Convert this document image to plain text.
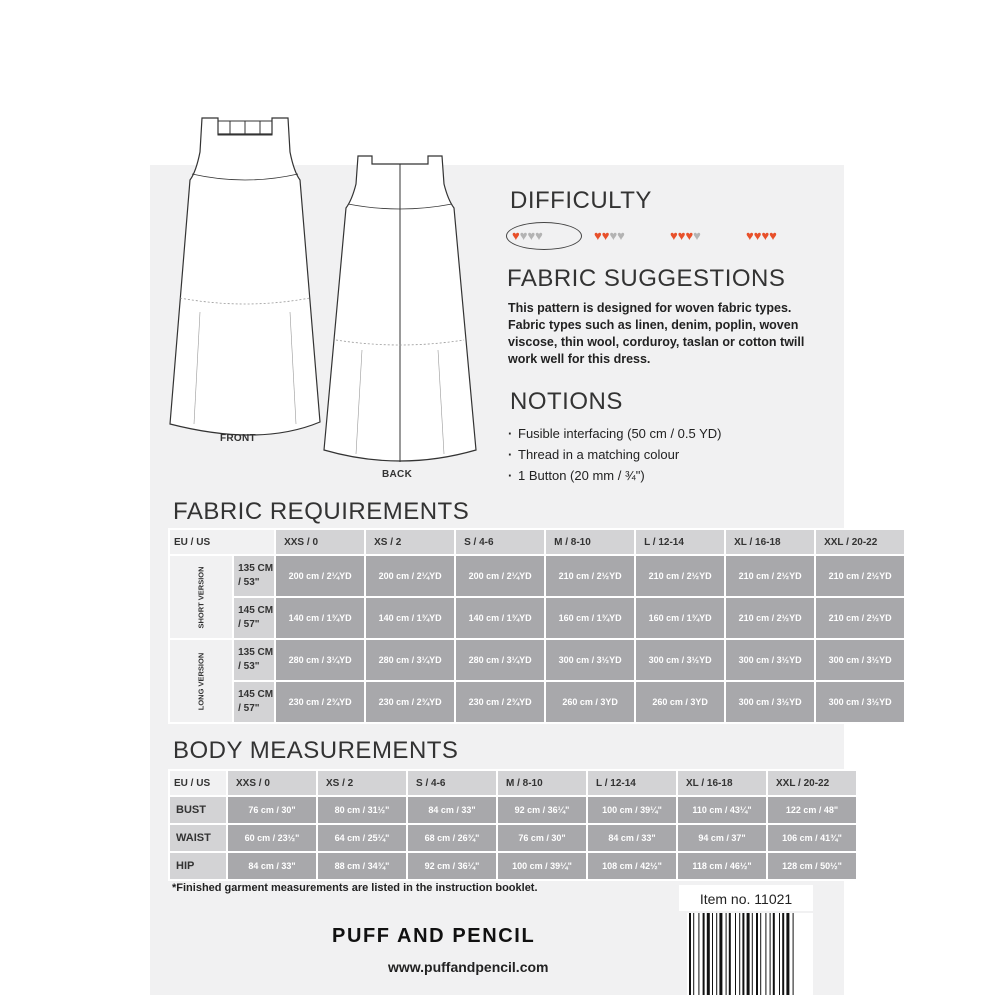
FRONT
BACK
DIFFICULTY
♥ ♥ ♥ ♥	♥ ♥ ♥ ♥	♥ ♥ ♥ ♥	♥ ♥ ♥ ♥
FABRIC SUGGESTIONS
This pattern is designed for woven fabric types. Fabric types such as linen, denim, poplin, woven viscose, thin wool, corduroy, taslan or cotton twill work well for this dress.
NOTIONS
· Fusible interfacing (50 cm / 0.5 YD)
· Thread in a matching colour
· 1 Button (20 mm / ¾")
FABRIC REQUIREMENTS
EU / US		XXS / 0	XS / 2	S / 4-6	M / 8-10	L / 12-14	XL / 16-18	XXL / 20-22

SHORT VERSION	135 CM / 53"	200 cm / 2¼YD	200 cm / 2¼YD	200 cm / 2¼YD	210 cm / 2½YD	210 cm / 2½YD	210 cm / 2½YD	210 cm / 2½YD
	145 CM / 57"	140 cm / 1¾YD	140 cm / 1¾YD	140 cm / 1¾YD	160 cm / 1¾YD	160 cm / 1¾YD	210 cm / 2½YD	210 cm / 2½YD

LONG VERSION	135 CM / 53"	280 cm / 3¼YD	280 cm / 3¼YD	280 cm / 3¼YD	300 cm / 3½YD	300 cm / 3½YD	300 cm / 3½YD	300 cm / 3½YD
	145 CM / 57"	230 cm / 2¾YD	230 cm / 2¾YD	230 cm / 2¾YD	260 cm / 3YD	260 cm / 3YD	300 cm / 3½YD	300 cm / 3½YD
BODY MEASUREMENTS
EU / US	XXS / 0	XS / 2	S / 4-6	M / 8-10	L / 12-14	XL / 16-18	XXL / 20-22
BUST	76 cm / 30"	80 cm / 31½"	84 cm / 33"	92 cm / 36¼"	100 cm / 39¼"	110 cm / 43¼"	122 cm / 48"
WAIST	60 cm / 23½"	64 cm / 25¼"	68 cm / 26¾"	76 cm / 30"	84 cm / 33"	94 cm / 37"	106 cm / 41¾"
HIP	84 cm / 33"	88 cm / 34¾"	92 cm / 36¼"	100 cm / 39¼"	108 cm / 42½"	118 cm / 46½"	128 cm / 50½"
*Finished garment measurements are listed in the instruction booklet.
Item no. 11021
PUFF AND PENCIL
www.puffandpencil.com
